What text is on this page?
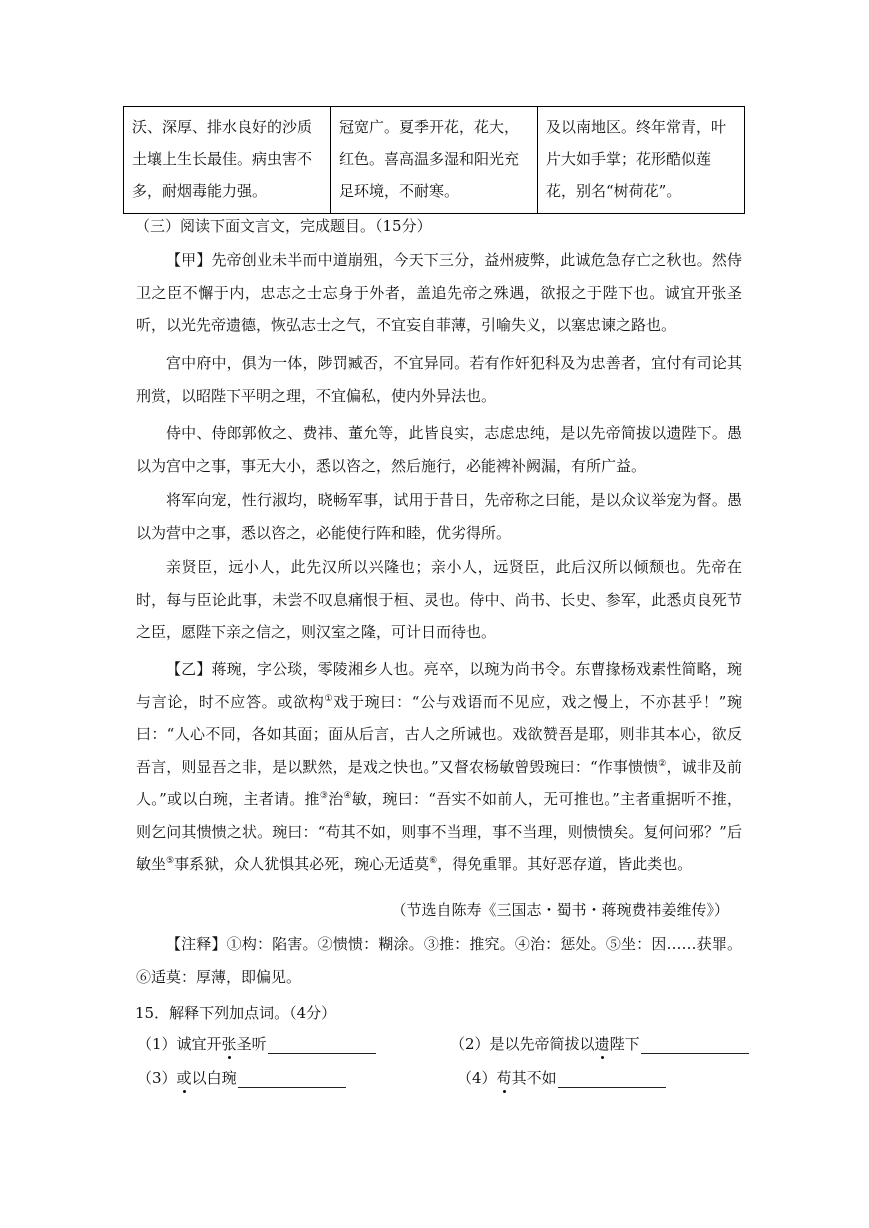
沃、深厚、排水良好的沙质土壤上生长最佳。病虫害不多，耐烟毒能力强。	冠宽广。夏季开花，花大，红色。喜高温多湿和阳光充足环境，不耐寒。	及以南地区。终年常青，叶片大如手掌；花形酷似莲花，别名“树荷花”。
（三）阅读下面文言文，完成题目。（15分）
【甲】先帝创业未半而中道崩殂，今天下三分，益州疲弊，此诚危急存亡之秋也。然侍卫之臣不懈于内，忠志之士忘身于外者，盖追先帝之殊遇，欲报之于陛下也。诚宜开张圣听，以光先帝遗德，恢弘志士之气，不宜妄自菲薄，引喻失义，以塞忠谏之路也。
宫中府中，俱为一体，陟罚臧否，不宜异同。若有作奸犯科及为忠善者，宜付有司论其刑赏，以昭陛下平明之理，不宜偏私，使内外异法也。
侍中、侍郎郭攸之、费祎、董允等，此皆良实，志虑忠纯，是以先帝简拔以遗陛下。愚以为宫中之事，事无大小，悉以咨之，然后施行，必能裨补阙漏，有所广益。
将军向宠，性行淑均，晓畅军事，试用于昔日，先帝称之曰能，是以众议举宠为督。愚以为营中之事，悉以咨之，必能使行阵和睦，优劣得所。
亲贤臣，远小人，此先汉所以兴隆也；亲小人，远贤臣，此后汉所以倾颓也。先帝在时，每与臣论此事，未尝不叹息痛恨于桓、灵也。侍中、尚书、长史、参军，此悉贞良死节之臣，愿陛下亲之信之，则汉室之隆，可计日而待也。
【乙】蒋琬，字公琰，零陵湘乡人也。亮卒，以琬为尚书令。东曹掾杨戏素性简略，琬与言论，时不应答。或欲构①戏于琬曰：“公与戏语而不见应，戏之慢上，不亦甚乎！”琬曰：“人心不同，各如其面；面从后言，古人之所诫也。戏欲赞吾是耶，则非其本心，欲反吾言，则显吾之非，是以默然，是戏之快也。”又督农杨敏曾毁琬曰：“作事愦愦②，诚非及前人。”或以白琬，主者请。推③治④敏，琬曰：“吾实不如前人，无可推也。”主者重据听不推，则乞问其愦愦之状。琬曰：“苟其不如，则事不当理，事不当理，则愦愦矣。复何问邪？”后敏坐⑤事系狱，众人犹惧其必死，琬心无适莫⑥，得免重罪。其好恶存道，皆此类也。
（节选自陈寿《三国志・蜀书・蒋琬费祎姜维传》）
【注释】①构：陷害。②愦愦：糊涂。③推：推究。④治：惩处。⑤坐：因……获罪。⑥适莫：厚薄，即偏见。
15．解释下列加点词。（4分）
（1）诚宜开张圣听	（2）是以先帝简拔以遗陛下
（3）或以白琬	（4）苟其不如
